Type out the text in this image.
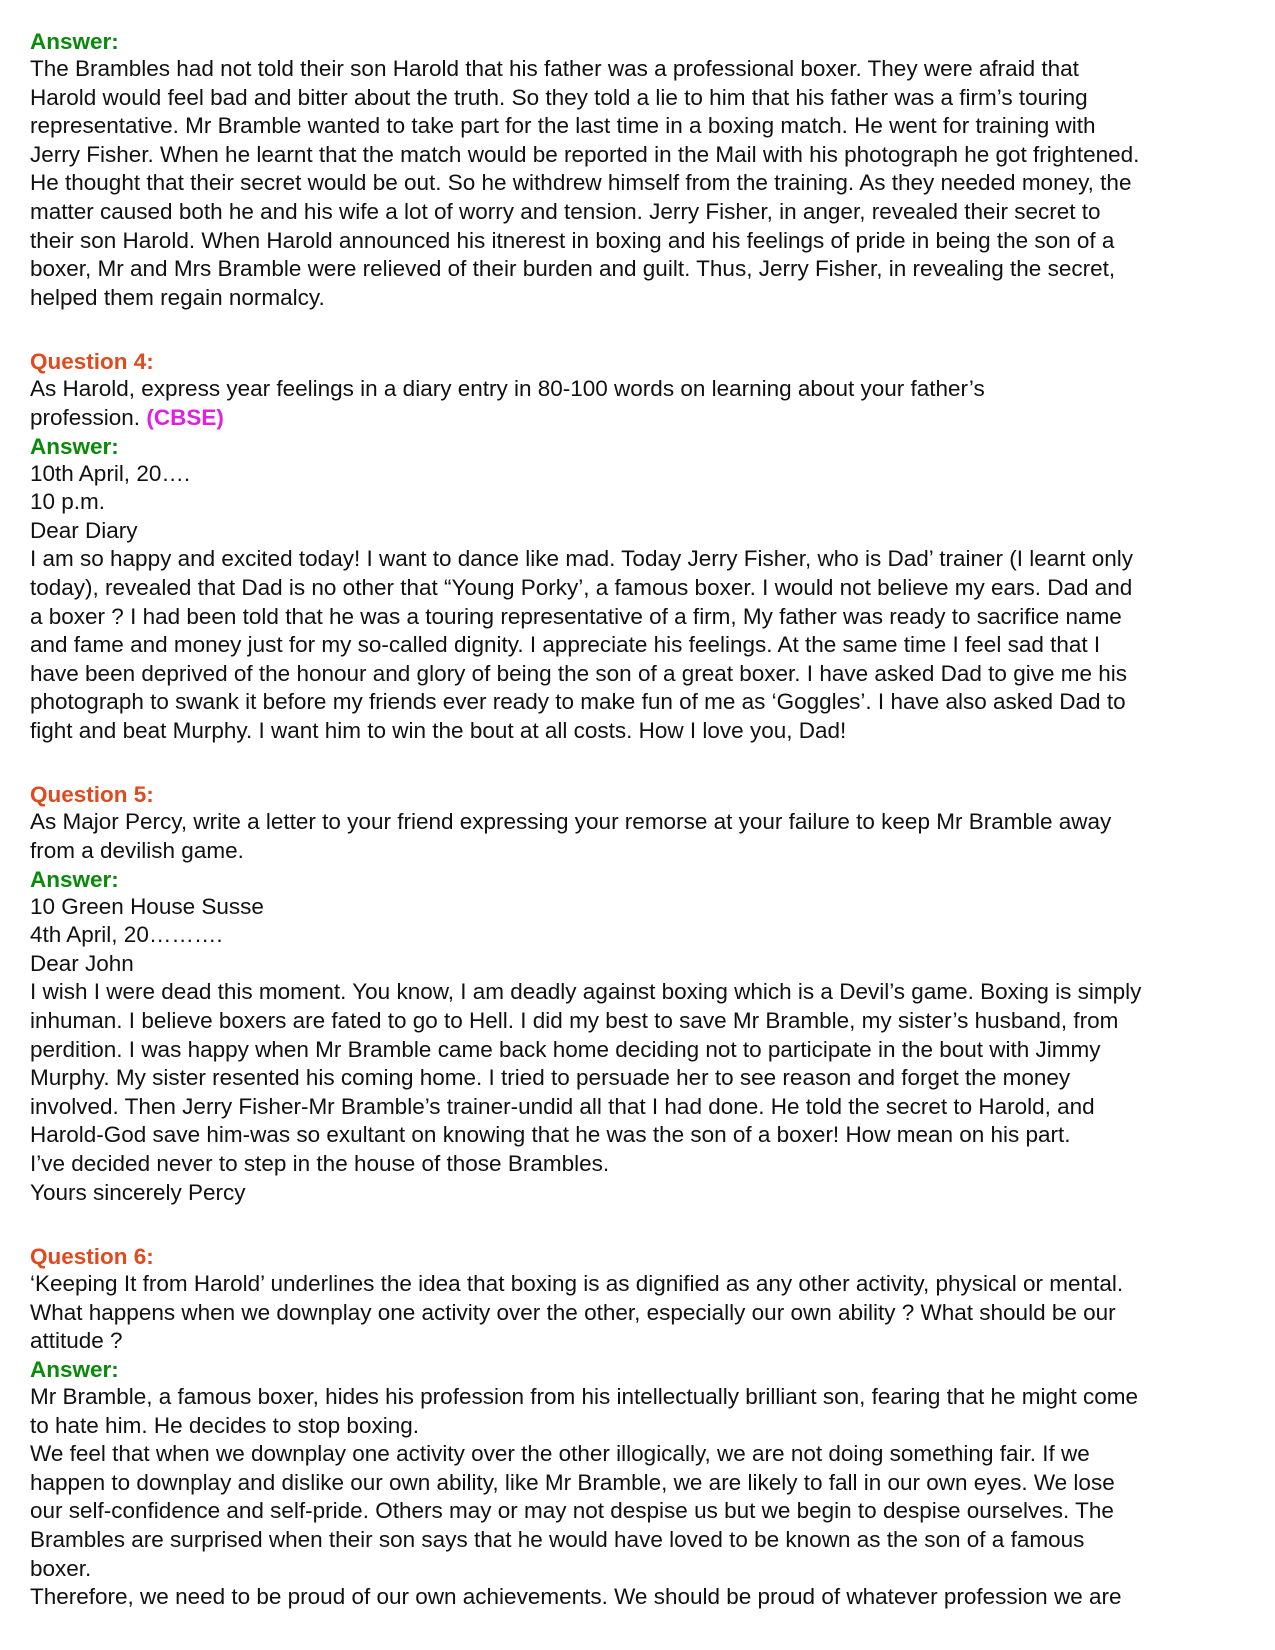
Answer:
The Brambles had not told their son Harold that his father was a professional boxer. They were afraid that
Harold would feel bad and bitter about the truth. So they told a lie to him that his father was a firm’s touring
representative. Mr Bramble wanted to take part for the last time in a boxing match. He went for training with
Jerry Fisher. When he learnt that the match would be reported in the Mail with his photograph he got frightened.
He thought that their secret would be out. So he withdrew himself from the training. As they needed money, the
matter caused both he and his wife a lot of worry and tension. Jerry Fisher, in anger, revealed their secret to
their son Harold. When Harold announced his itnerest in boxing and his feelings of pride in being the son of a
boxer, Mr and Mrs Bramble were relieved of their burden and guilt. Thus, Jerry Fisher, in revealing the secret,
helped them regain normalcy.
Question 4:
As Harold, express year feelings in a diary entry in 80-100 words on learning about your father’s
profession. (CBSE)
Answer:
10th April, 20….
10 p.m.
Dear Diary
I am so happy and excited today! I want to dance like mad. Today Jerry Fisher, who is Dad’ trainer (I learnt only
today), revealed that Dad is no other that “Young Porky’, a famous boxer. I would not believe my ears. Dad and
a boxer ? I had been told that he was a touring representative of a firm, My father was ready to sacrifice name
and fame and money just for my so-called dignity. I appreciate his feelings. At the same time I feel sad that I
have been deprived of the honour and glory of being the son of a great boxer. I have asked Dad to give me his
photograph to swank it before my friends ever ready to make fun of me as ‘Goggles’. I have also asked Dad to
fight and beat Murphy. I want him to win the bout at all costs. How I love you, Dad!
Question 5:
As Major Percy, write a letter to your friend expressing your remorse at your failure to keep Mr Bramble away
from a devilish game.
Answer:
10 Green House Susse
4th April, 20……….
Dear John
I wish I were dead this moment. You know, I am deadly against boxing which is a Devil’s game. Boxing is simply
inhuman. I believe boxers are fated to go to Hell. I did my best to save Mr Bramble, my sister’s husband, from
perdition. I was happy when Mr Bramble came back home deciding not to participate in the bout with Jimmy
Murphy. My sister resented his coming home. I tried to persuade her to see reason and forget the money
involved. Then Jerry Fisher-Mr Bramble’s trainer-undid all that I had done. He told the secret to Harold, and
Harold-God save him-was so exultant on knowing that he was the son of a boxer! How mean on his part.
I’ve decided never to step in the house of those Brambles.
Yours sincerely Percy
Question 6:
‘Keeping It from Harold’ underlines the idea that boxing is as dignified as any other activity, physical or mental.
What happens when we downplay one activity over the other, especially our own ability ? What should be our
attitude ?
Answer:
Mr Bramble, a famous boxer, hides his profession from his intellectually brilliant son, fearing that he might come
to hate him. He decides to stop boxing.
We feel that when we downplay one activity over the other illogically, we are not doing something fair. If we
happen to downplay and dislike our own ability, like Mr Bramble, we are likely to fall in our own eyes. We lose
our self-confidence and self-pride. Others may or may not despise us but we begin to despise ourselves. The
Brambles are surprised when their son says that he would have loved to be known as the son of a famous
boxer.
Therefore, we need to be proud of our own achievements. We should be proud of whatever profession we are
